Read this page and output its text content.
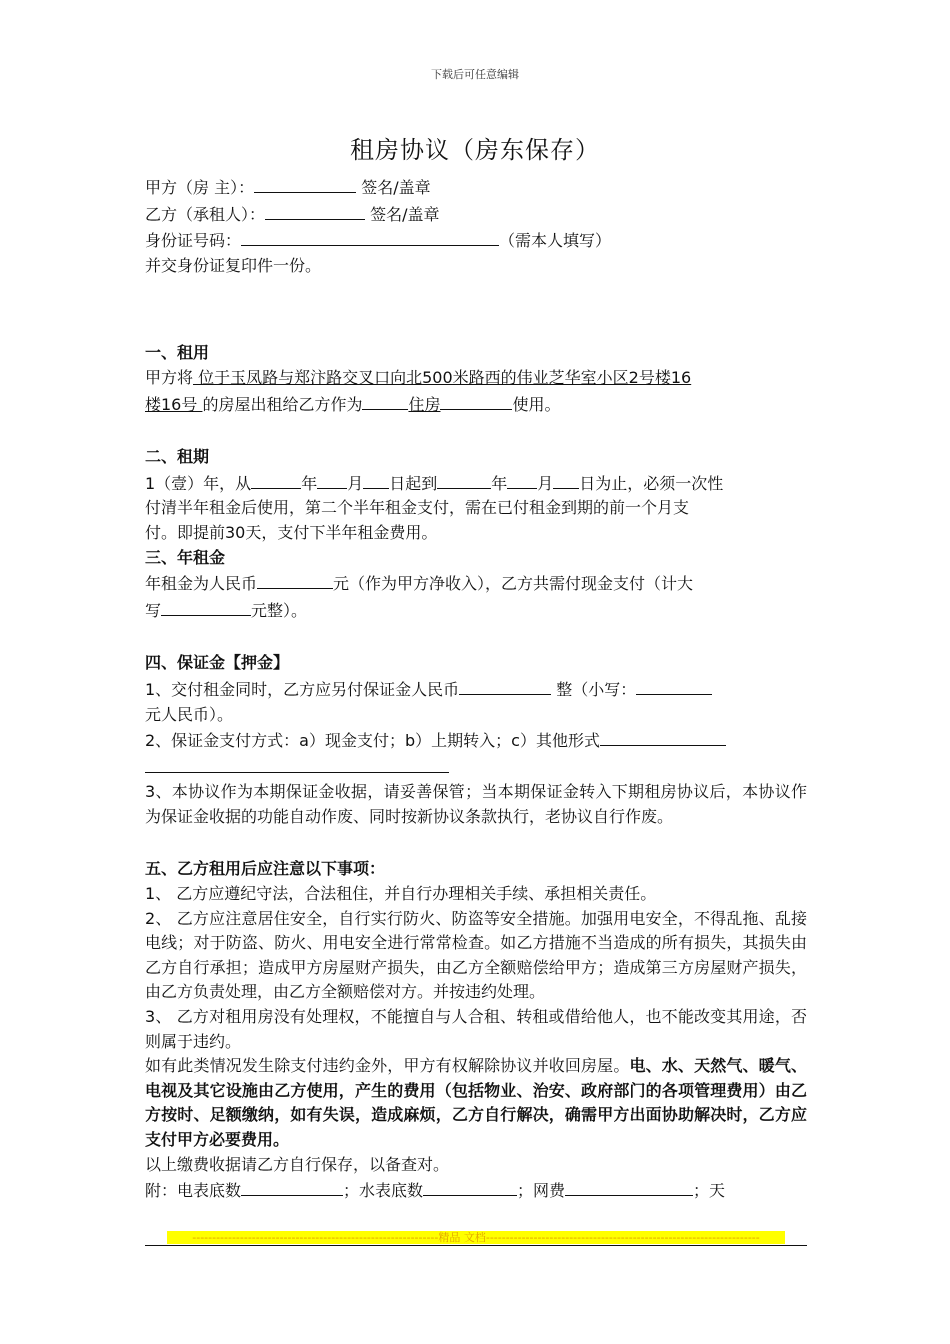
下载后可任意编辑
租房协议（房东保存）
甲方（房 主）：	签名/盖章
乙方（承租人）：	签名/盖章
身份证号码：	（需本人填写）
并交身份证复印件一份。
一、租用
甲方将 位于玉凤路与郑汴路交叉口向北500米路西的伟业芝华室小区2号楼16
楼16号 的房屋出租给乙方作为	住房	使用。
二、租期
1（壹）年，从	年 月 日起到	年 月 日为止，必须一次性
付清半年租金后使用，第二个半年租金支付，需在已付租金到期的前一个月支
付。即提前30天，支付下半年租金费用。
三、年租金
年租金为人民币	元（作为甲方净收入），乙方共需付现金支付（计大
写	元整）。
四、保证金【押金】
1、交付租金同时，乙方应另付保证金人民币	整（小写：
元人民币）。
2、保证金支付方式：a）现金支付；b）上期转入；c）其他形式
3、本协议作为本期保证金收据，请妥善保管；当本期保证金转入下期租房协议后，本协议作为保证金收据的功能自动作废、同时按新协议条款执行，老协议自行作废。
五、乙方租用后应注意以下事项：
1、 乙方应遵纪守法，合法租住，并自行办理相关手续、承担相关责任。
2、 乙方应注意居住安全，自行实行防火、防盗等安全措施。加强用电安全，不得乱拖、乱接电线；对于防盗、防火、用电安全进行常常检查。如乙方措施不当造成的所有损失，其损失由乙方自行承担；造成甲方房屋财产损失，由乙方全额赔偿给甲方；造成第三方房屋财产损失，由乙方负责处理，由乙方全额赔偿对方。并按违约处理。
3、 乙方对租用房没有处理权，不能擅自与人合租、转租或借给他人，也不能改变其用途，否则属于违约。
如有此类情况发生除支付违约金外，甲方有权解除协议并收回房屋。电、水、天然气、暖气、电视及其它设施由乙方使用，产生的费用（包括物业、治安、政府部门的各项管理费用）由乙方按时、足额缴纳，如有失误，造成麻烦，乙方自行解决，确需甲方出面协助解决时，乙方应支付甲方必要费用。
以上缴费收据请乙方自行保存，以备查对。
附：电表底数	；水表底数	；网费	；天
--------------------------------------------------------------精品 文档---------------------------------------------------------------------
